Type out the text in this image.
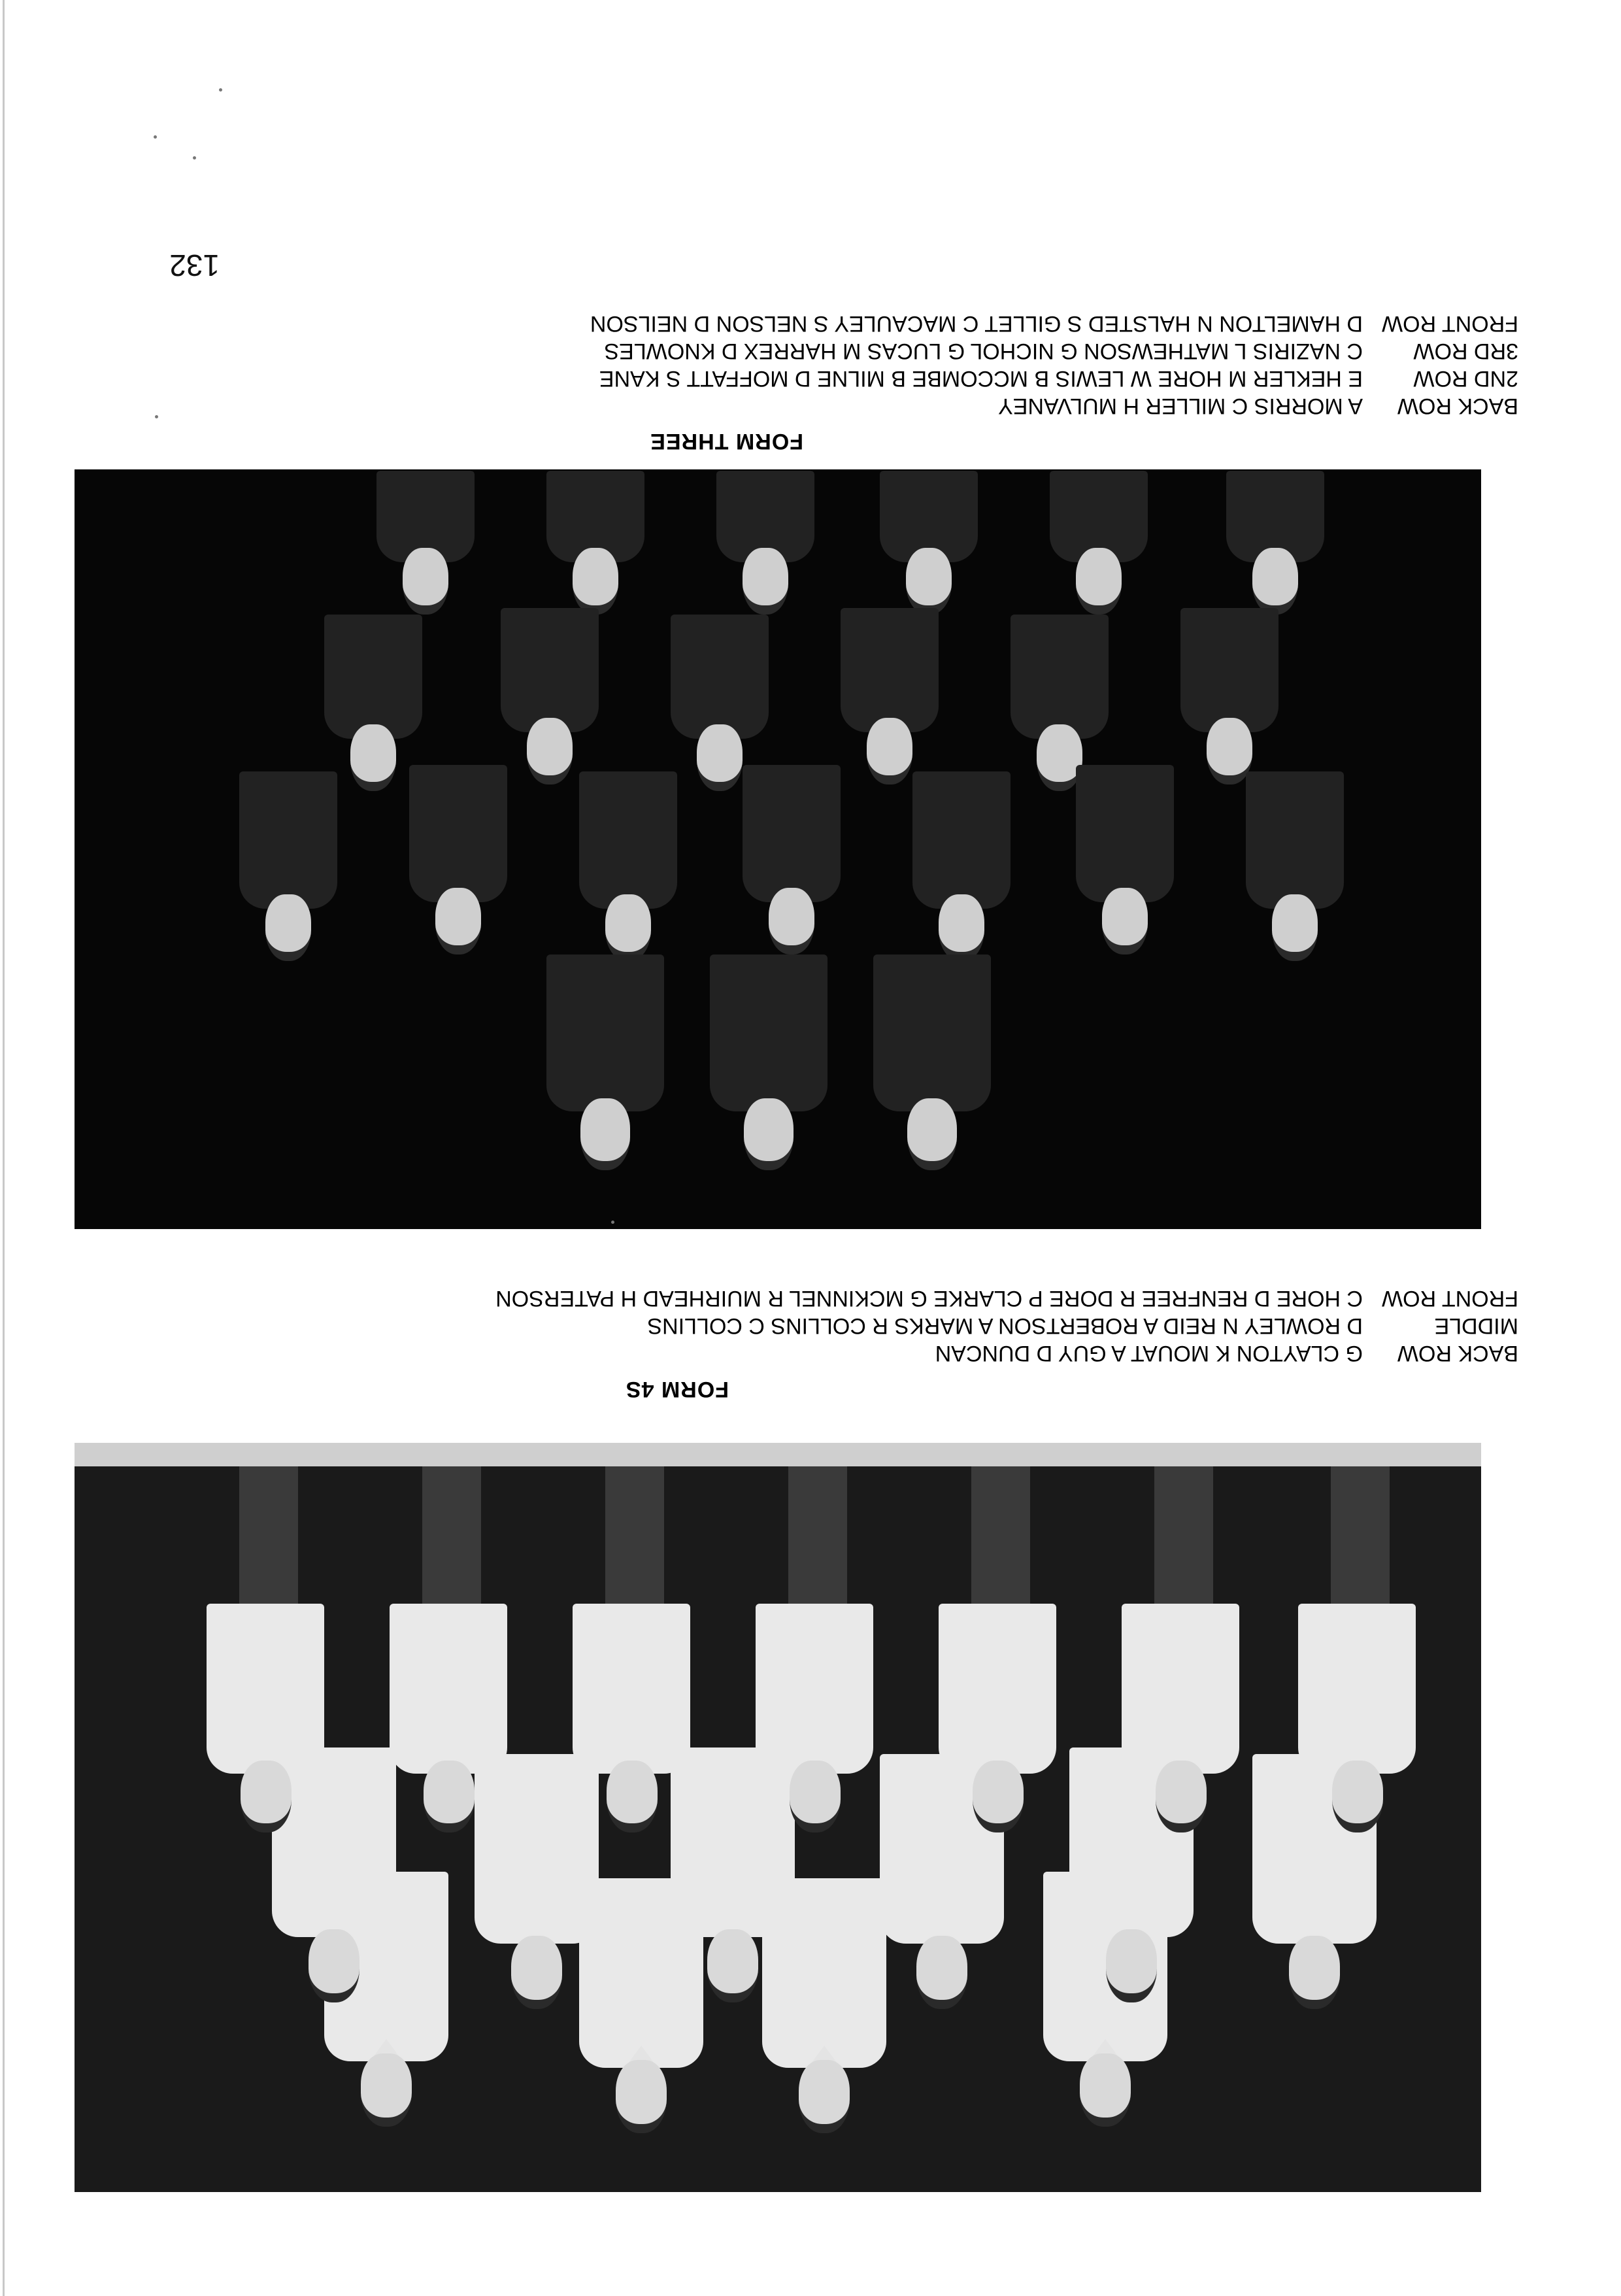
132
FORM THREE
BACK ROW
A MORRIS C MILLER H MULVANEY
2ND ROW
E HEKLER M HORE W LEWIS B MCCOMBE B MILNE D MOFFATT S KANE
3RD ROW
C NAZIRIS L MATHEWSON G NICHOL G LUCAS M HARREX D KNOWLES
FRONT ROW
D HAMELTON N HALSTED S GILLET C MACAULEY S NELSON D NEILSON
FORM 4S
BACK ROW
G CLAYTON K MOUAT A GUY D DUNCAN
MIDDLE
D ROWLEY N REID A ROBERTSON A MARKS R COLLINS C COLLINS
FRONT ROW
C HORE D RENFREE R DORE P CLARKE G MCKINNEL R MUIRHEAD H PATERSON
